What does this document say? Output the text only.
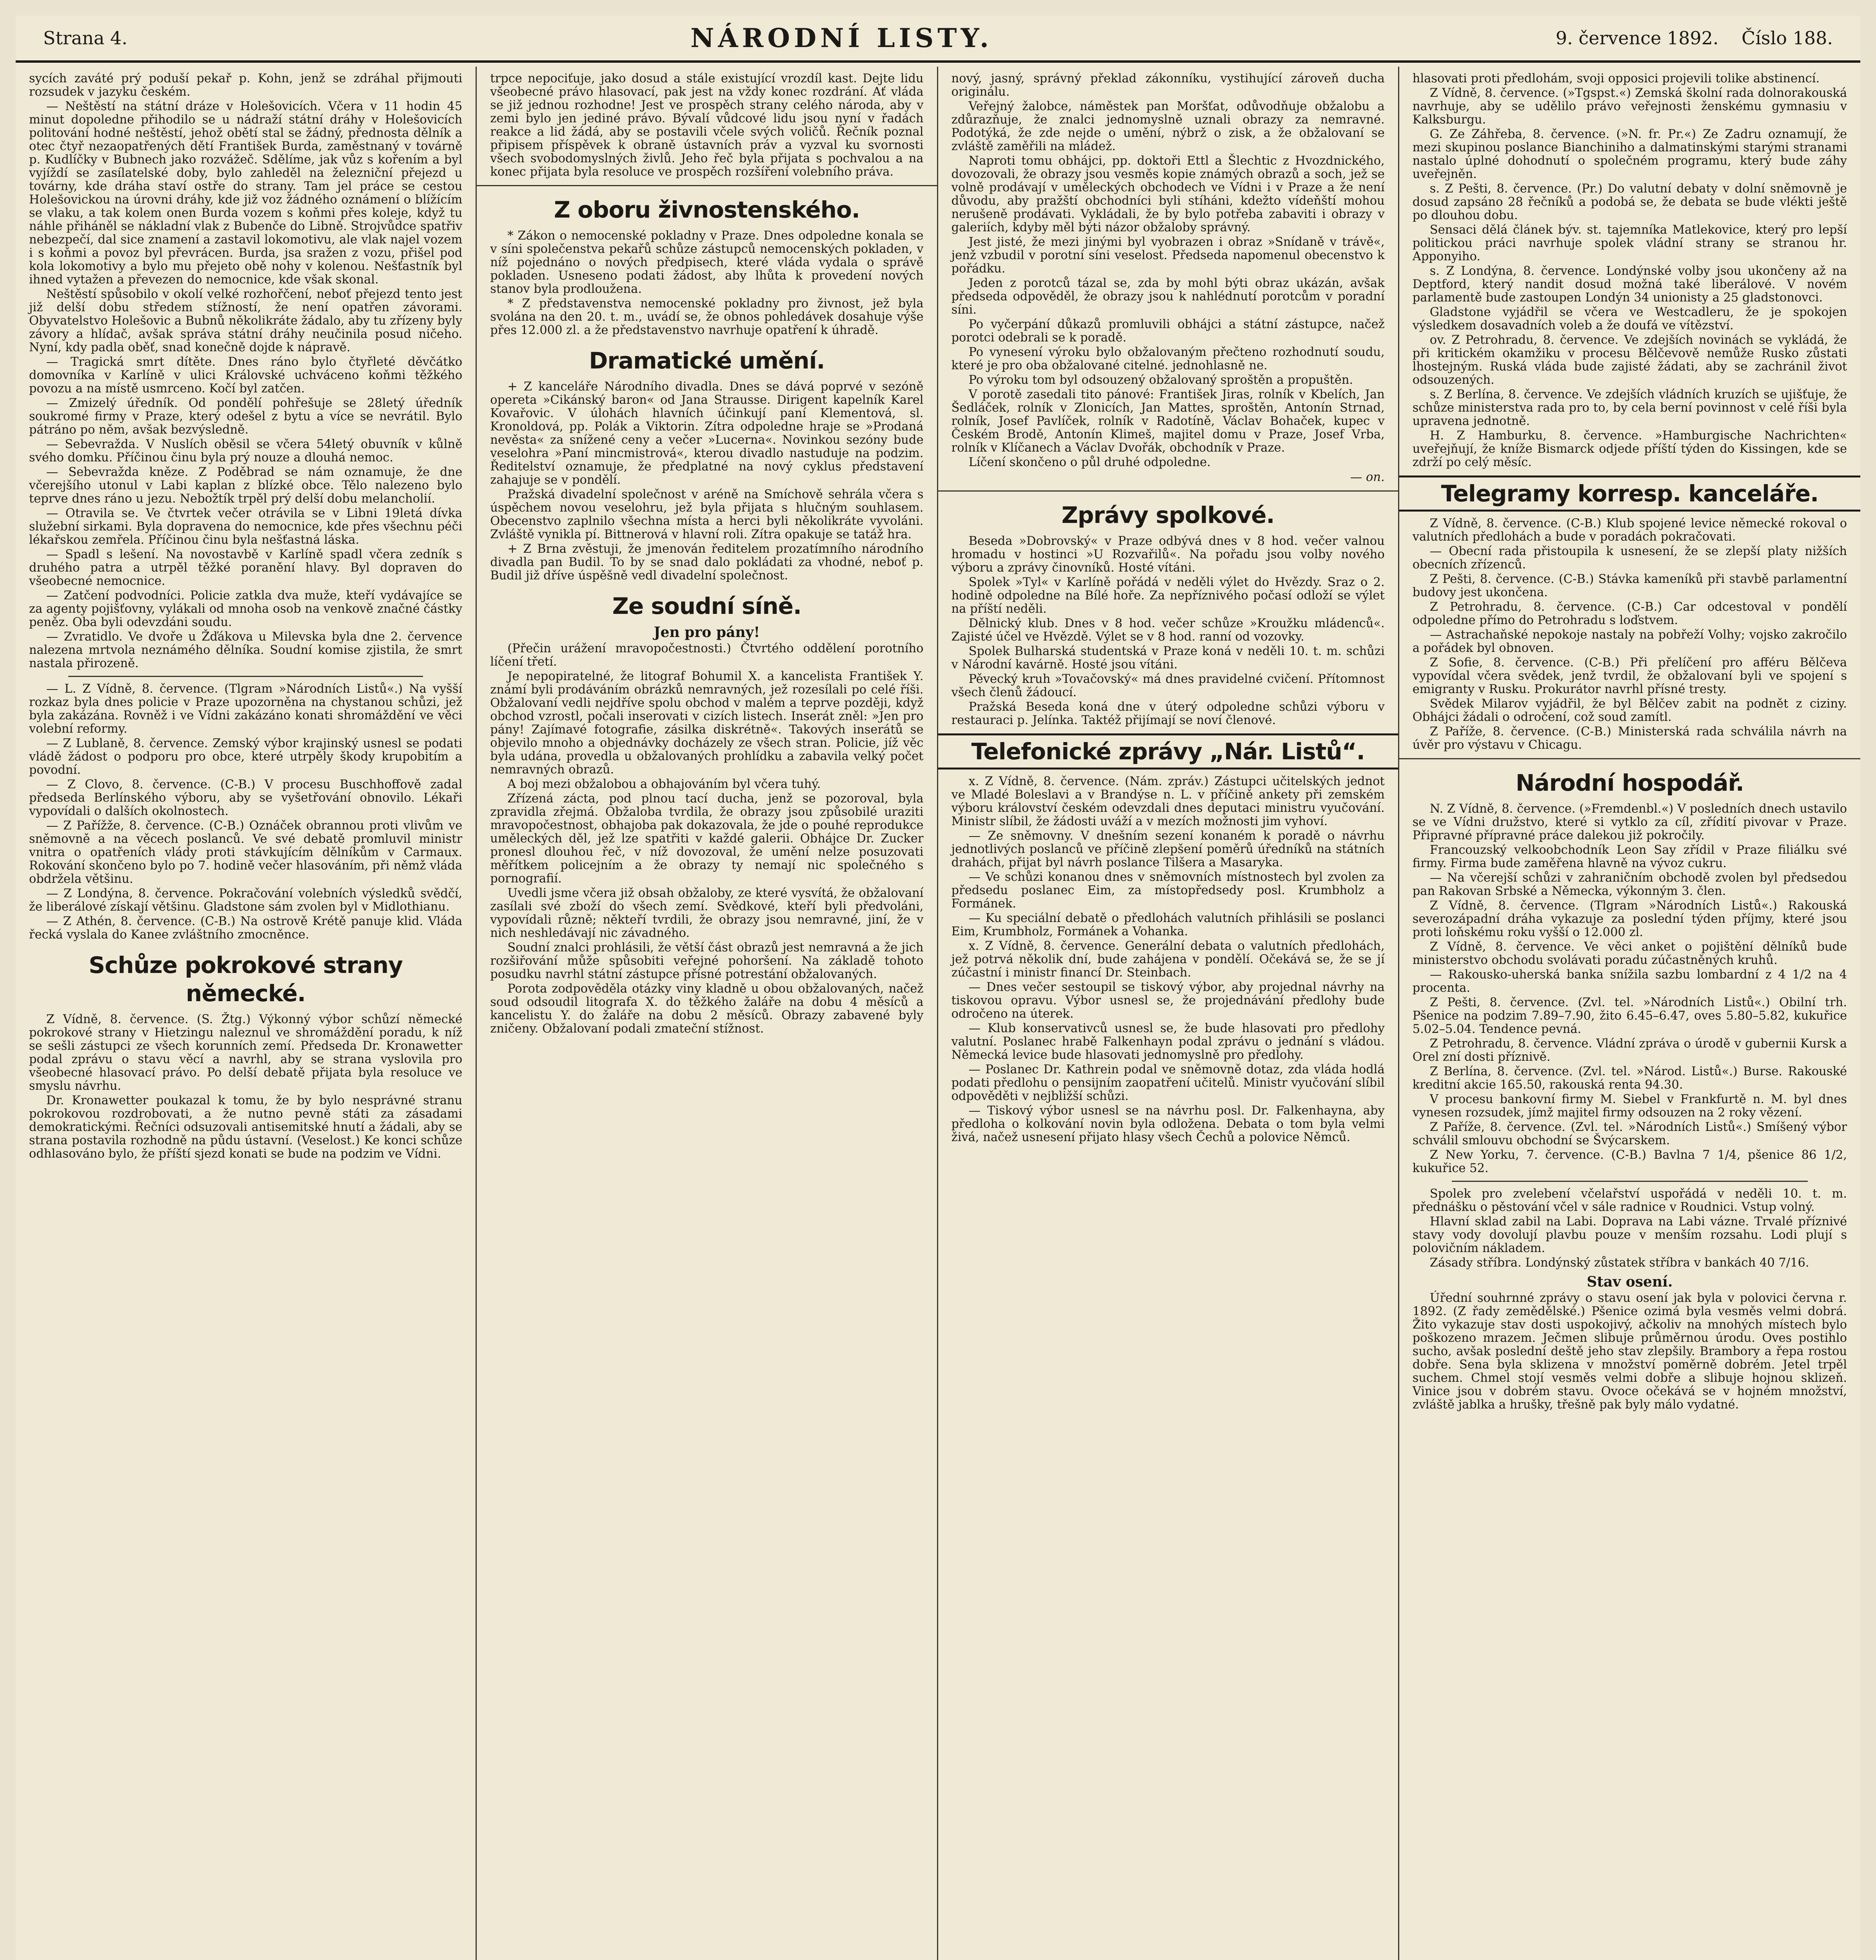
Strana 4.	NÁRODNÍ LISTY.	9. července 1892. Číslo 188.

sycích zaváté prý poduší pekař p. Kohn, jenž se zdráhal přijmouti rozsudek v jazyku českém.

— Neštěstí na státní dráze v Holešovicích. Včera v 11 hodin 45 minut dopoledne přihodilo se u nádraží státní dráhy v Holešovicích politování hodné neštěstí, jehož obětí stal se žádný, přednosta dělník a otec čtyř nezaopatřených dětí František Burda, zaměstnaný v továrně p. Kudlíčky v Bubnech jako rozvážeč. Sdělíme, jak vůz s kořením a byl vyjíždí se zasílatelské doby, bylo zahleděl na železniční přejezd u továrny, kde dráha staví ostře do strany. Tam jel práce se cestou Holešovickou na úrovni dráhy, kde již voz žádného oznámení o blížícím se vlaku, a tak kolem onen Burda vozem s koňmi přes koleje, když tu náhle přiháněl se nákladní vlak z Bubenče do Libně. Strojvůdce spatřiv nebezpečí, dal sice znamení a zastavil lokomotivu, ale vlak najel vozem i s koňmi a povoz byl převrácen. Burda, jsa sražen z vozu, přišel pod kola lokomotivy a bylo mu přejeto obě nohy v kolenou. Nešťastník byl ihned vytažen a převezen do nemocnice, kde však skonal.

Neštěstí spůsobilo v okolí velké rozhořčení, neboť přejezd tento jest již delší dobu středem stížností, že není opatřen závorami. Obyvatelstvo Holešovic a Bubnů několikráte žádalo, aby tu zřízeny byly závory a hlídač, avšak správa státní dráhy neučinila posud ničeho. Nyní, kdy padla oběť, snad konečně dojde k nápravě.

— Tragická smrt dítěte. Dnes ráno bylo čtyřleté děvčátko domovníka v Karlíně v ulici Královské uchváceno koňmi těžkého povozu a na místě usmrceno. Kočí byl zatčen.

— Zmizelý úředník. Od pondělí pohřešuje se 28letý úředník soukromé firmy v Praze, který odešel z bytu a více se nevrátil. Bylo pátráno po něm, avšak bezvýsledně.

— Sebevražda. V Nuslích oběsil se včera 54letý obuvník v kůlně svého domku. Příčinou činu byla prý nouze a dlouhá nemoc.

— Sebevražda kněze. Z Poděbrad se nám oznamuje, že dne včerejšího utonul v Labi kaplan z blízké obce. Tělo nalezeno bylo teprve dnes ráno u jezu. Nebožtík trpěl prý delší dobu melancholií.

— Otravila se. Ve čtvrtek večer otrávila se v Libni 19letá dívka služební sirkami. Byla dopravena do nemocnice, kde přes všechnu péči lékařskou zemřela. Příčinou činu byla nešťastná láska.

— Spadl s lešení. Na novostavbě v Karlíně spadl včera zedník s druhého patra a utrpěl těžké poranění hlavy. Byl dopraven do všeobecné nemocnice.

— Zatčení podvodníci. Policie zatkla dva muže, kteří vydávajíce se za agenty pojišťovny, vylákali od mnoha osob na venkově značné částky peněz. Oba byli odevzdáni soudu.

— Zvratidlo. Ve dvoře u Žďákova u Milevska byla dne 2. července nalezena mrtvola neznámého dělníka. Soudní komise zjistila, že smrt nastala přirozeně.

— L. Z Vídně, 8. července. (Tlgram »Národních Listů«.) Na vyšší rozkaz byla dnes policie v Praze upozorněna na chystanou schůzi, jež byla zakázána. Rovněž i ve Vídni zakázáno konati shromáždění ve věci volební reformy.

— Z Lublaně, 8. července. Zemský výbor krajinský usnesl se podati vládě žádost o podporu pro obce, které utrpěly škody krupobitím a povodní.

— Z Clovo, 8. července. (C-B.) V procesu Buschhoffově zadal předseda Berlínského výboru, aby se vyšetřování obnovilo. Lékaři vypovídali o dalších okolnostech.

— Z Pařížže, 8. července. (C-B.) Oznáček obrannou proti vlivům ve sněmovně a na věcech poslanců. Ve své debatě promluvil ministr vnitra o opatřeních vlády proti stávkujícím dělníkům v Carmaux. Rokování skončeno bylo po 7. hodině večer hlasováním, při němž vláda obdržela většinu.

— Z Londýna, 8. července. Pokračování volebních výsledků svědčí, že liberálové získají většinu. Gladstone sám zvolen byl v Midlothianu.

— Z Athén, 8. července. (C-B.) Na ostrově Krétě panuje klid. Vláda řecká vyslala do Kanee zvláštního zmocněnce.

Schůze pokrokové strany německé.

Z Vídně, 8. července. (S. Žtg.) Výkonný výbor schůzí německé pokrokové strany v Hietzingu naleznul ve shromáždění poradu, k níž se sešli zástupci ze všech korunních zemí. Předseda Dr. Kronawetter podal zprávu o stavu věcí a navrhl, aby se strana vyslovila pro všeobecné hlasovací právo. Po delší debatě přijata byla resoluce ve smyslu návrhu.

Dr. Kronawetter poukazal k tomu, že by bylo nesprávné stranu pokrokovou rozdrobovati, a že nutno pevně státi za zásadami demokratickými. Řečníci odsuzovali antisemitské hnutí a žádali, aby se strana postavila rozhodně na půdu ústavní. (Veselost.) Ke konci schůze odhlasováno bylo, že příští sjezd konati se bude na podzim ve Vídni.

trpce nepociťuje, jako dosud a stále existující vrozdíl kast. Dejte lidu všeobecné právo hlasovací, pak jest na vždy konec rozdrání. Ať vláda se již jednou rozhodne! Jest ve prospěch strany celého národa, aby v zemi bylo jen jediné právo. Bývalí vůdcové lidu jsou nyní v řadách reakce a lid žádá, aby se postavili včele svých voličů. Řečník poznal připisem příspěvek k obraně ústavních práv a vyzval ku svornosti všech svobodomyslných živlů. Jeho řeč byla přijata s pochvalou a na konec přijata byla resoluce ve prospěch rozšíření volebního práva.

Z oboru živnostenského.

* Zákon o nemocenské pokladny v Praze. Dnes odpoledne konala se v síni společenstva pekařů schůze zástupců nemocenských pokladen, v níž pojednáno o nových předpisech, které vláda vydala o správě pokladen. Usneseno podati žádost, aby lhůta k provedení nových stanov byla prodloužena.

* Z představenstva nemocenské pokladny pro živnost, jež byla svolána na den 20. t. m., uvádí se, že obnos pohledávek dosahuje výše přes 12.000 zl. a že představenstvo navrhuje opatření k úhradě.

Dramatické umění.

+ Z kanceláře Národního divadla. Dnes se dává poprvé v sezóně opereta »Cikánský baron« od Jana Strausse. Dirigent kapelník Karel Kovařovic. V úlohách hlavních účinkují paní Klementová, sl. Kronoldová, pp. Polák a Viktorin. Zítra odpoledne hraje se »Prodaná nevěsta« za snížené ceny a večer »Lucerna«. Novinkou sezóny bude veselohra »Paní mincmistrová«, kterou divadlo nastuduje na podzim. Ředitelství oznamuje, že předplatné na nový cyklus představení zahajuje se v pondělí.

Pražská divadelní společnost v aréně na Smíchově sehrála včera s úspěchem novou veselohru, jež byla přijata s hlučným souhlasem. Obecenstvo zaplnilo všechna místa a herci byli několikráte vyvoláni. Zvláště vynikla pí. Bittnerová v hlavní roli. Zítra opakuje se tatáž hra.

+ Z Brna zvěstuji, že jmenován ředitelem prozatímního národního divadla pan Budil. To by se snad dalo pokládati za vhodné, neboť p. Budil již dříve úspěšně vedl divadelní společnost.

Ze soudní síně.
Jen pro pány!

(Přečin urážení mravopočestnosti.) Čtvrtého oddělení porotního líčení třetí.

Je nepopiratelné, že litograf Bohumil X. a kancelista František Y. známí byli prodáváním obrázků nemravných, jež rozesílali po celé říši. Obžalovaní vedli nejdříve spolu obchod v malém a teprve později, když obchod vzrostl, počali inserovati v cizích listech. Inserát zněl: »Jen pro pány! Zajímavé fotografie, zásilka diskrétně«. Takových inserátů se objevilo mnoho a objednávky docházely ze všech stran. Policie, jíž věc byla udána, provedla u obžalovaných prohlídku a zabavila velký počet nemravných obrazů.

A boj mezi obžalobou a obhajováním byl včera tuhý.

Zřízená zácta, pod plnou tací ducha, jenž se pozoroval, byla zpravidla zřejmá. Obžaloba tvrdila, že obrazy jsou způsobilé uraziti mravopočestnost, obhajoba pak dokazovala, že jde o pouhé reprodukce uměleckých děl, jež lze spatřiti v každé galerii. Obhájce Dr. Zucker pronesl dlouhou řeč, v níž dovozoval, že umění nelze posuzovati měřítkem policejním a že obrazy ty nemají nic společného s pornografií.

Uvedli jsme včera již obsah obžaloby, ze které vysvítá, že obžalovaní zasílali své zboží do všech zemí. Svědkové, kteří byli předvoláni, vypovídali různě; někteří tvrdili, že obrazy jsou nemravné, jiní, že v nich neshledávají nic závadného.

Soudní znalci prohlásili, že větší část obrazů jest nemravná a že jich rozšiřování může spůsobiti veřejné pohoršení. Na základě tohoto posudku navrhl státní zástupce přísné potrestání obžalovaných.

Porota zodpověděla otázky viny kladně u obou obžalovaných, načež soud odsoudil litografa X. do těžkého žaláře na dobu 4 měsíců a kancelistu Y. do žaláře na dobu 2 měsíců. Obrazy zabavené byly zničeny. Obžalovaní podali zmateční stížnost.

nový, jasný, správný překlad zákonníku, vystihující zároveň ducha originálu.

Veřejný žalobce, náměstek pan Moršťat, odůvodňuje obžalobu a zdůrazňuje, že znalci jednomyslně uznali obrazy za nemravné. Podotýká, že zde nejde o umění, nýbrž o zisk, a že obžalovaní se zvláště zaměřili na mládež.

Naproti tomu obhájci, pp. doktoři Ettl a Šlechtic z Hvozdnického, dovozovali, že obrazy jsou vesměs kopie známých obrazů a soch, jež se volně prodávají v uměleckých obchodech ve Vídni i v Praze a že není důvodu, aby pražští obchodníci byli stíháni, kdežto vídeňští mohou nerušeně prodávati. Vykládali, že by bylo potřeba zabaviti i obrazy v galeriích, kdyby měl býti názor obžaloby správný.

Jest jisté, že mezi jinými byl vyobrazen i obraz »Snídaně v trávě«, jenž vzbudil v porotní síni veselost. Předseda napomenul obecenstvo k pořádku.

Jeden z porotců tázal se, zda by mohl býti obraz ukázán, avšak předseda odpověděl, že obrazy jsou k nahlédnutí porotcům v poradní síni.

Po vyčerpání důkazů promluvili obhájci a státní zástupce, načež porotci odebrali se k poradě.

Po vynesení výroku bylo obžalovaným přečteno rozhodnutí soudu, které je pro oba obžalované citelné. jednohlasně ne.

Po výroku tom byl odsouzený obžalovaný sproštěn a propuštěn.

V porotě zasedali tito pánové: František Jiras, rolník v Kbelích, Jan Šedláček, rolník v Zlonicích, Jan Mattes, sproštěn, Antonín Strnad, rolník, Josef Pavlíček, rolník v Radotíně, Václav Bohaček, kupec v Českém Brodě, Antonín Klimeš, majitel domu v Praze, Josef Vrba, rolník v Klíčanech a Václav Dvořák, obchodník v Praze.

Líčení skončeno o půl druhé odpoledne.

— on.
Zprávy spolkové.

Beseda »Dobrovský« v Praze odbývá dnes v 8 hod. večer valnou hromadu v hostinci »U Rozvařilů«. Na pořadu jsou volby nového výboru a zprávy činovníků. Hosté vítáni.

Spolek »Tyl« v Karlíně pořádá v neděli výlet do Hvězdy. Sraz o 2. hodině odpoledne na Bílé hoře. Za nepříznivého počasí odloží se výlet na příští neděli.

Dělnický klub. Dnes v 8 hod. večer schůze »Kroužku mládenců«. Zajisté účel ve Hvězdě. Výlet se v 8 hod. ranní od vozovky.

Spolek Bulharská studentská v Praze koná v neděli 10. t. m. schůzi v Národní kavárně. Hosté jsou vítáni.

Pěvecký kruh »Tovačovský« má dnes pravidelné cvičení. Přítomnost všech členů žádoucí.

Pražská Beseda koná dne v úterý odpoledne schůzi výboru v restauraci p. Jelínka. Taktéž přijímají se noví členové.

Telefonické zprávy „Nár. Listů“.

x. Z Vídně, 8. července. (Nám. zpráv.) Zástupci učitelských jednot ve Mladé Boleslavi a v Brandýse n. L. v příčině ankety při zemském výboru království českém odevzdali dnes deputaci ministru vyučování. Ministr slíbil, že žádosti uváží a v mezích možnosti jim vyhoví.

— Ze sněmovny. V dnešním sezení konaném k poradě o návrhu jednotlivých poslanců ve příčině zlepšení poměrů úředníků na státních drahách, přijat byl návrh poslance Tilšera a Masaryka.

— Ve schůzi konanou dnes v sněmovních místnostech byl zvolen za předsedu poslanec Eim, za místopředsedy posl. Krumbholz a Formánek.

— Ku speciální debatě o předlohách valutních přihlásili se poslanci Eim, Krumbholz, Formánek a Vohanka.

x. Z Vídně, 8. července. Generální debata o valutních předlohách, jež potrvá několik dní, bude zahájena v pondělí. Očekává se, že se jí zúčastní i ministr financí Dr. Steinbach.

— Dnes večer sestoupil se tiskový výbor, aby projednal návrhy na tiskovou opravu. Výbor usnesl se, že projednávání předlohy bude odročeno na úterek.

— Klub konservativců usnesl se, že bude hlasovati pro předlohy valutní. Poslanec hrabě Falkenhayn podal zprávu o jednání s vládou. Německá levice bude hlasovati jednomyslně pro předlohy.

— Poslanec Dr. Kathrein podal ve sněmovně dotaz, zda vláda hodlá podati předlohu o pensijním zaopatření učitelů. Ministr vyučování slíbil odpověděti v nejbližší schůzi.

— Tiskový výbor usnesl se na návrhu posl. Dr. Falkenhayna, aby předloha o kolkování novin byla odložena. Debata o tom byla velmi živá, načež usnesení přijato hlasy všech Čechů a polovice Němců.

hlasovati proti předlohám, svoji opposici projevili tolike abstinencí.

Z Vídně, 8. července. (»Tgspst.«) Zemská školní rada dolnorakouská navrhuje, aby se udělilo právo veřejnosti ženskému gymnasiu v Kalksburgu.

G. Ze Záhřeba, 8. července. (»N. fr. Pr.«) Ze Zadru oznamují, že mezi skupinou poslance Bianchiniho a dalmatinskými starými stranami nastalo úplné dohodnutí o společném programu, který bude záhy uveřejněn.

s. Z Pešti, 8. července. (Pr.) Do valutní debaty v dolní sněmovně je dosud zapsáno 28 řečníků a podobá se, že debata se bude vlékti ještě po dlouhou dobu.

Sensaci dělá článek býv. st. tajemníka Matlekovice, který pro lepší politickou práci navrhuje spolek vládní strany se stranou hr. Apponyiho.

s. Z Londýna, 8. července. Londýnské volby jsou ukončeny až na Deptford, který nandit dosud možná také liberálové. V novém parlamentě bude zastoupen Londýn 34 unionisty a 25 gladstonovci.

Gladstone vyjádřil se včera ve Westcadleru, že je spokojen výsledkem dosavadních voleb a že doufá ve vítězství.

ov. Z Petrohradu, 8. července. Ve zdejších novinách se vykládá, že při kritickém okamžiku v procesu Bělčevově nemůže Rusko zůstati lhostejným. Ruská vláda bude zajisté žádati, aby se zachránil život odsouzených.

s. Z Berlína, 8. července. Ve zdejších vládních kruzích se ujišťuje, že schůze ministerstva rada pro to, by cela berní povinnost v celé říši byla upravena jednotně.

H. Z Hamburku, 8. července. »Hamburgische Nachrichten« uveřejňují, že kníže Bismarck odjede příští týden do Kissingen, kde se zdrží po celý měsíc.

Telegramy korresp. kanceláře.

Z Vídně, 8. července. (C-B.) Klub spojené levice německé rokoval o valutních předlohách a bude v poradách pokračovati.

— Obecní rada přistoupila k usnesení, že se zlepší platy nižších obecních zřízenců.

Z Pešti, 8. července. (C-B.) Stávka kameníků při stavbě parlamentní budovy jest ukončena.

Z Petrohradu, 8. července. (C-B.) Car odcestoval v pondělí odpoledne přímo do Petrohradu s loďstvem.

— Astrachaňské nepokoje nastaly na pobřeží Volhy; vojsko zakročilo a pořádek byl obnoven.

Z Sofie, 8. července. (C-B.) Při přelíčení pro afféru Bělčeva vypovídal včera svědek, jenž tvrdil, že obžalovaní byli ve spojení s emigranty v Rusku. Prokurátor navrhl přísné tresty.

Svědek Milarov vyjádřil, že byl Bělčev zabit na podnět z ciziny. Obhájci žádali o odročení, což soud zamítl.

Z Paříže, 8. července. (C-B.) Ministerská rada schválila návrh na úvěr pro výstavu v Chicagu.

Národní hospodář.

N. Z Vídně, 8. července. (»Fremdenbl.«) V posledních dnech ustavilo se ve Vídni družstvo, které si vytklo za cíl, zřídití pivovar v Praze. Připravné přípravné práce dalekou již pokročily.

Francouzský velkoobchodník Leon Say zřídil v Praze filiálku své firmy. Firma bude zaměřena hlavně na vývoz cukru.

— Na včerejší schůzi v zahraničním obchodě zvolen byl předsedou pan Rakovan Srbské a Německa, výkonným 3. člen.

Z Vídně, 8. července. (Tlgram »Národních Listů«.) Rakouská severozápadní dráha vykazuje za poslední týden příjmy, které jsou proti loňskému roku vyšší o 12.000 zl.

Z Vídně, 8. července. Ve věci anket o pojištění dělníků bude ministerstvo obchodu svolávati poradu zúčastněných kruhů.

— Rakousko-uherská banka snížila sazbu lombardní z 4 1/2 na 4 procenta.

Z Pešti, 8. července. (Zvl. tel. »Národních Listů«.) Obilní trh. Pšenice na podzim 7.89–7.90, žito 6.45–6.47, oves 5.80–5.82, kukuřice 5.02–5.04. Tendence pevná.

Z Petrohradu, 8. července. Vládní zpráva o úrodě v gubernii Kursk a Orel zní dosti příznivě.

Z Berlína, 8. července. (Zvl. tel. »Národ. Listů«.) Burse. Rakouské kreditní akcie 165.50, rakouská renta 94.30.

V procesu bankovní firmy M. Siebel v Frankfurtě n. M. byl dnes vynesen rozsudek, jímž majitel firmy odsouzen na 2 roky vězení.

Z Paříže, 8. července. (Zvl. tel. »Národních Listů«.) Smíšený výbor schválil smlouvu obchodní se Švýcarskem.

Z New Yorku, 7. července. (C-B.) Bavlna 7 1/4, pšenice 86 1/2, kukuřice 52.

Spolek pro zvelebení včelařství uspořádá v neděli 10. t. m. přednášku o pěstování včel v sále radnice v Roudnici. Vstup volný.

Hlavní sklad zabil na Labi. Doprava na Labi vázne. Trvalé příznivé stavy vody dovolují plavbu pouze v menším rozsahu. Lodi plují s polovičním nákladem.

Zásady stříbra. Londýnský zůstatek stříbra v bankách 40 7/16.

Stav osení.

Úřední souhrnné zprávy o stavu osení jak byla v polovici června r. 1892. (Z řady zemědělské.) Pšenice ozimá byla vesměs velmi dobrá. Žito vykazuje stav dosti uspokojivý, ačkoliv na mnohých místech bylo poškozeno mrazem. Ječmen slibuje průměrnou úrodu. Oves postihlo sucho, avšak poslední deště jeho stav zlepšily. Brambory a řepa rostou dobře. Sena byla sklizena v množství poměrně dobrém. Jetel trpěl suchem. Chmel stojí vesměs velmi dobře a slibuje hojnou sklizeň. Vinice jsou v dobrém stavu. Ovoce očekává se v hojném množství, zvláště jablka a hrušky, třešně pak byly málo vydatné.
